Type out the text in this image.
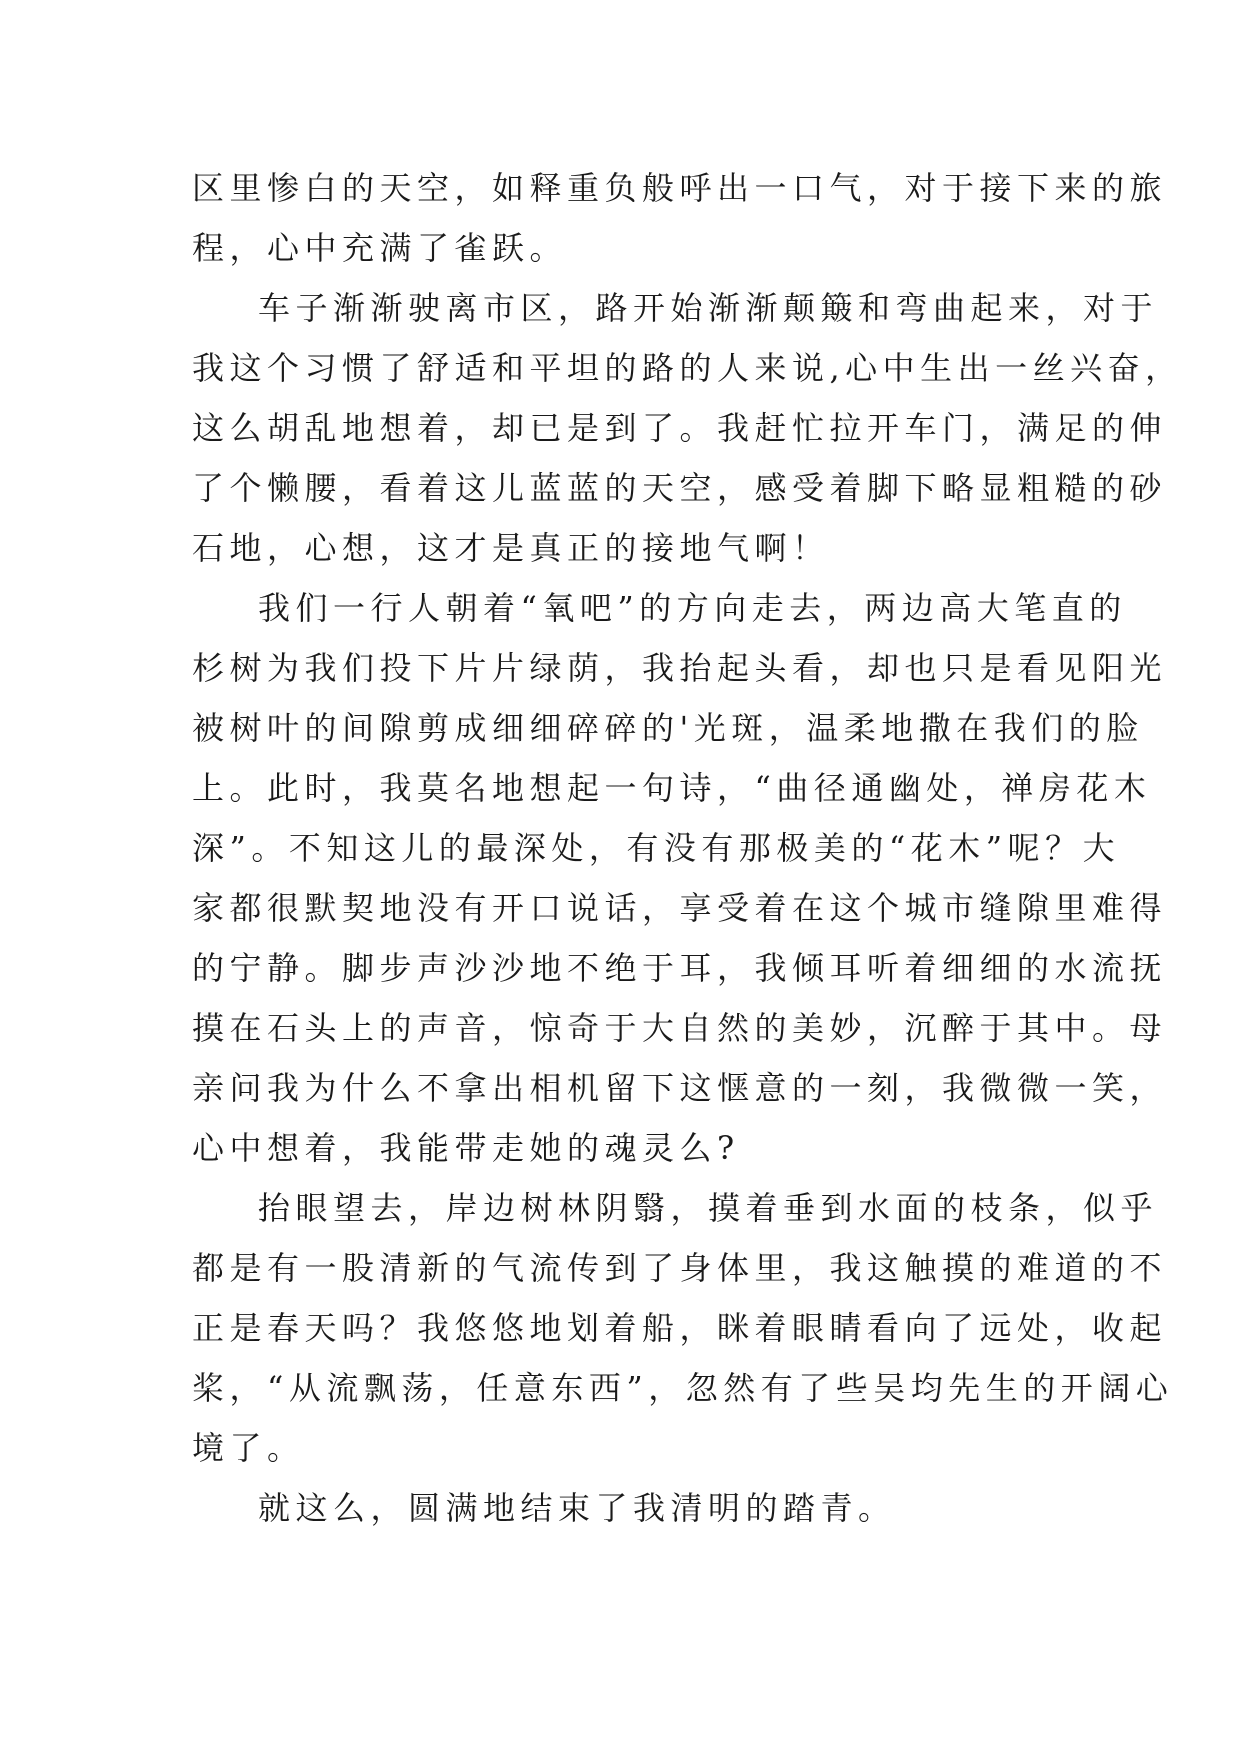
区里惨白的天空，如释重负般呼出一口气，对于接下来的旅
程，心中充满了雀跃。
车子渐渐驶离市区，路开始渐渐颠簸和弯曲起来，对于
我这个习惯了舒适和平坦的路的人来说,心中生出一丝兴奋，
这么胡乱地想着，却已是到了。我赶忙拉开车门，满足的伸
了个懒腰，看着这儿蓝蓝的天空，感受着脚下略显粗糙的砂
石地，心想，这才是真正的接地气啊！
我们一行人朝着“氧吧”的方向走去，两边高大笔直的
杉树为我们投下片片绿荫，我抬起头看，却也只是看见阳光
被树叶的间隙剪成细细碎碎的'光斑，温柔地撒在我们的脸
上。此时，我莫名地想起一句诗，“曲径通幽处，禅房花木
深”。不知这儿的最深处，有没有那极美的“花木”呢？大
家都很默契地没有开口说话，享受着在这个城市缝隙里难得
的宁静。脚步声沙沙地不绝于耳，我倾耳听着细细的水流抚
摸在石头上的声音，惊奇于大自然的美妙，沉醉于其中。母
亲问我为什么不拿出相机留下这惬意的一刻，我微微一笑，
心中想着，我能带走她的魂灵么?
抬眼望去，岸边树林阴翳，摸着垂到水面的枝条，似乎
都是有一股清新的气流传到了身体里，我这触摸的难道的不
正是春天吗？我悠悠地划着船，眯着眼睛看向了远处，收起
桨，“从流飘荡，任意东西”，忽然有了些吴均先生的开阔心
境了。
就这么，圆满地结束了我清明的踏青。
